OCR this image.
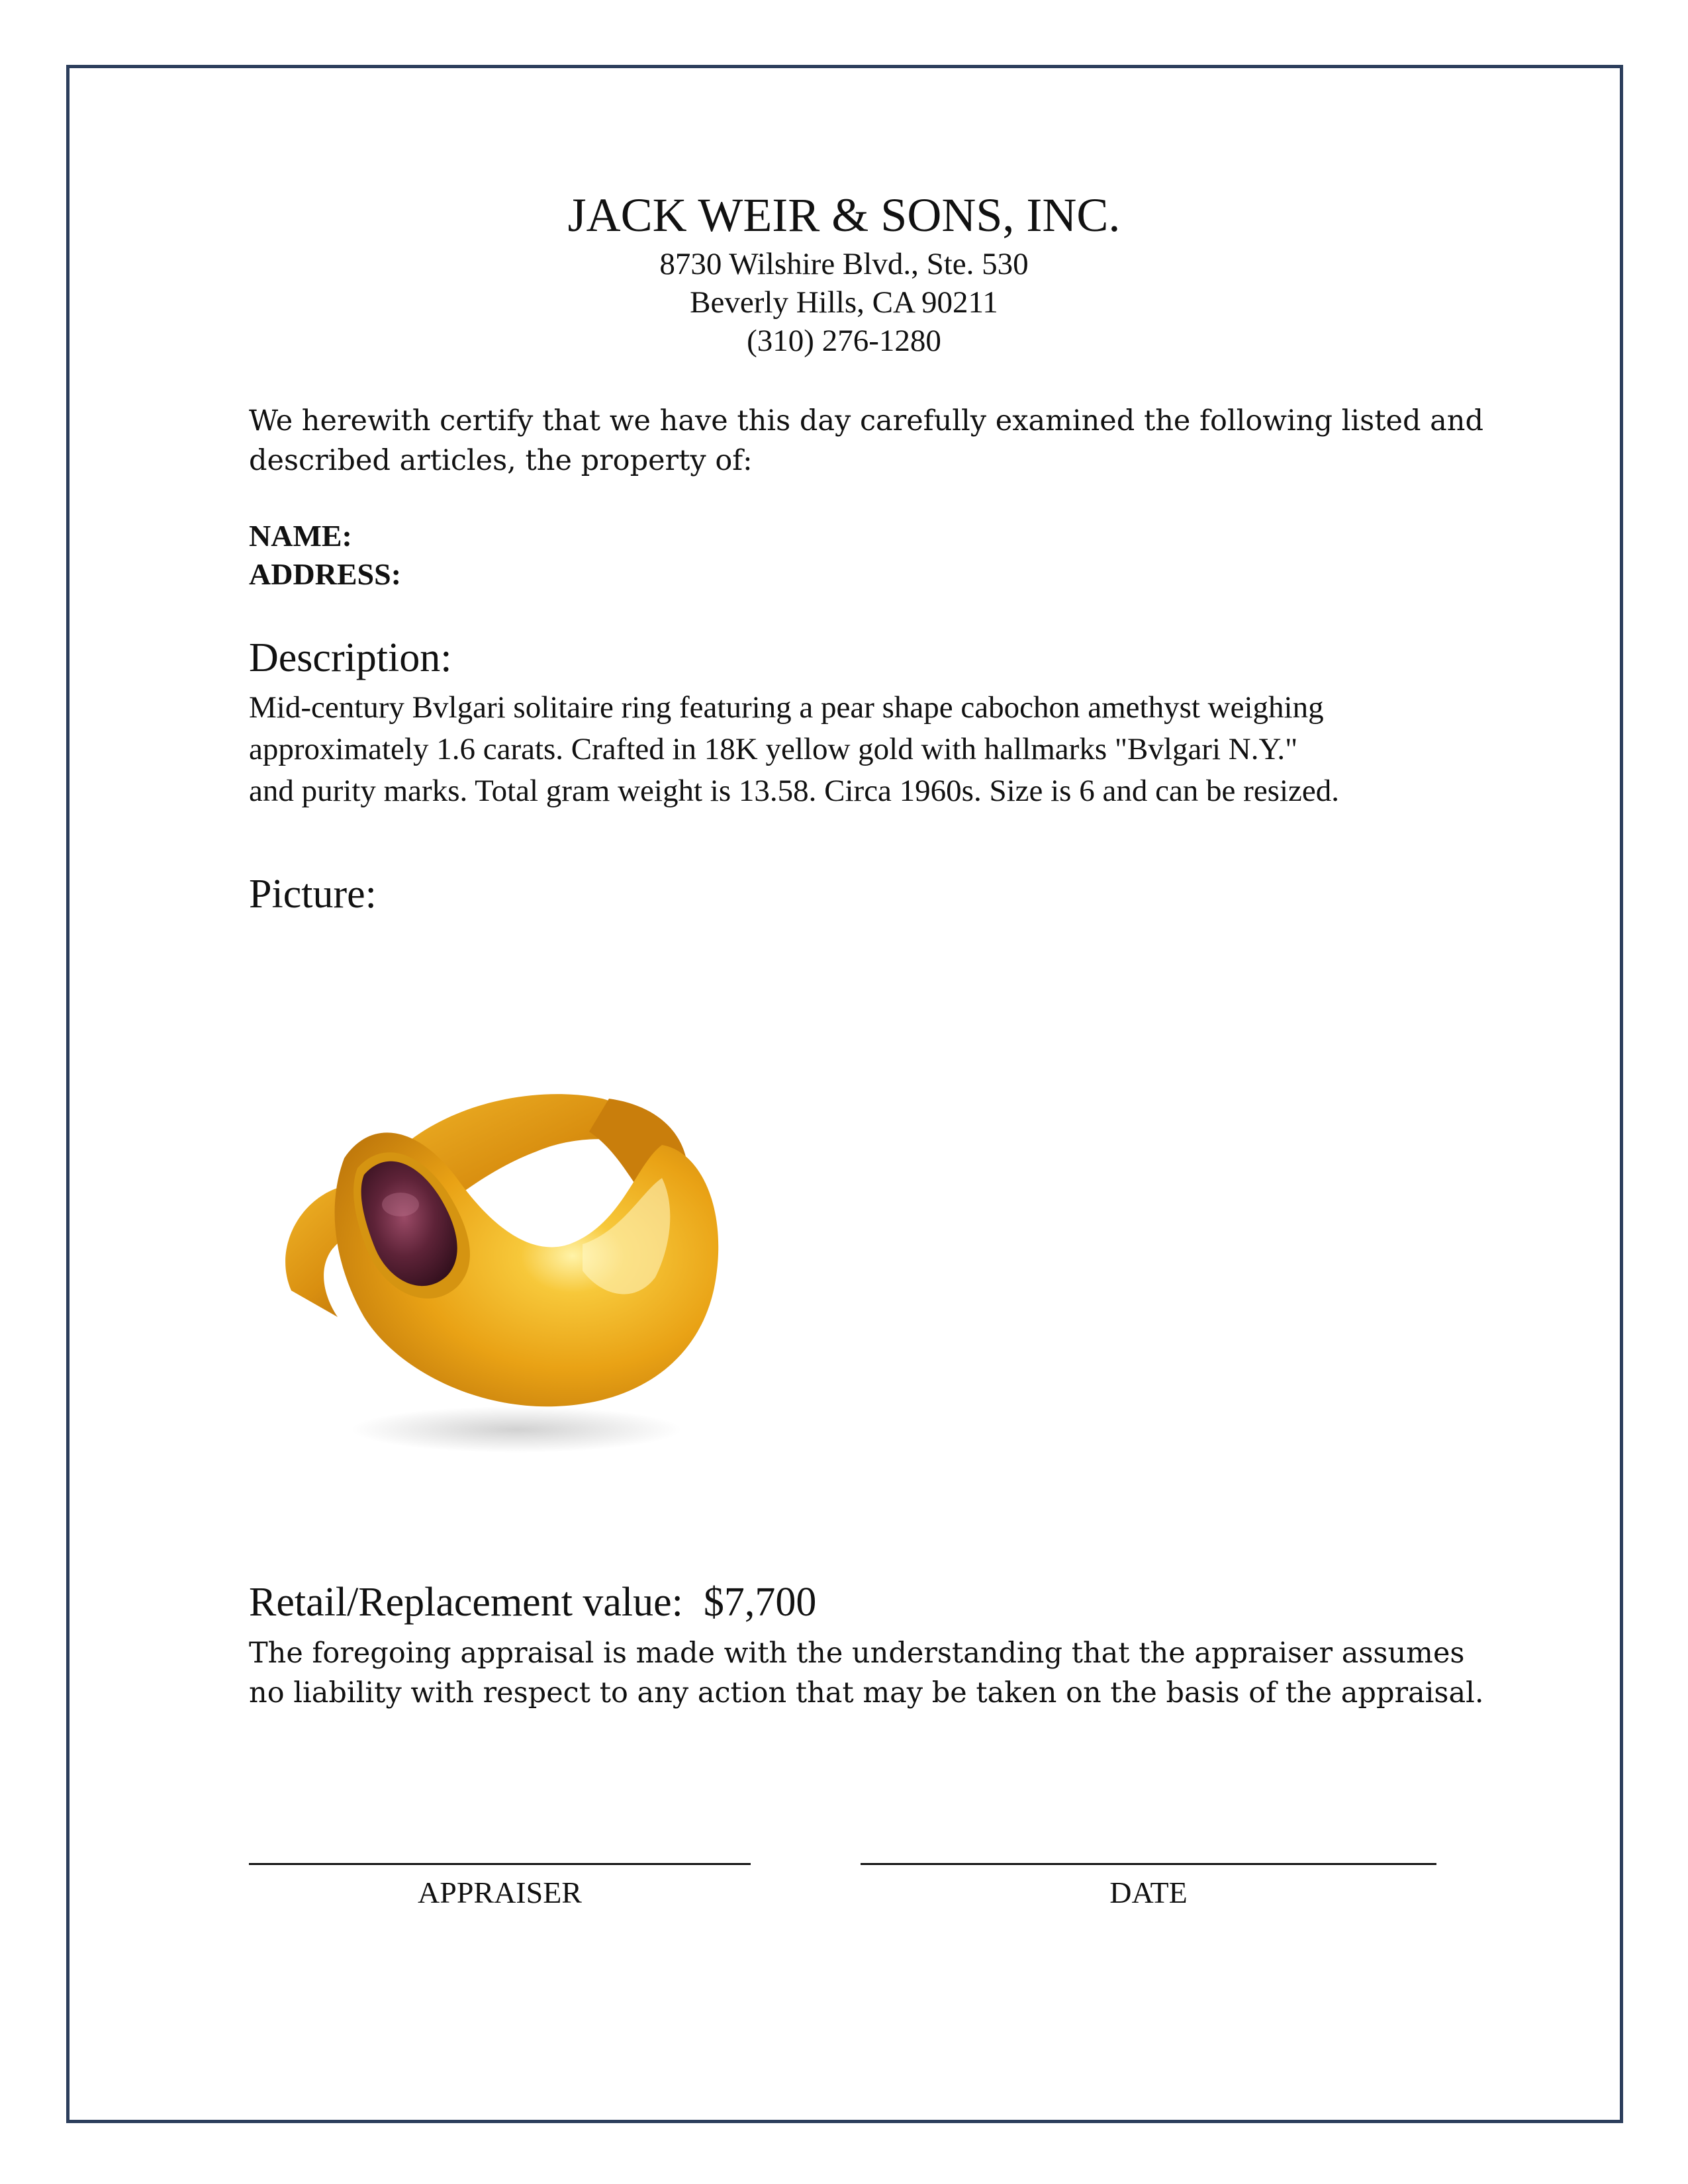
JACK WEIR & SONS, INC.
8730 Wilshire Blvd., Ste. 530
Beverly Hills, CA 90211
(310) 276-1280
We herewith certify that we have this day carefully examined the following listed and described articles, the property of:
NAME:
ADDRESS:
Description:
Mid-century Bvlgari solitaire ring featuring a pear shape cabochon amethyst weighing
approximately 1.6 carats. Crafted in 18K yellow gold with hallmarks "Bvlgari N.Y."
and purity marks. Total gram weight is 13.58. Circa 1960s. Size is 6 and can be resized.
Picture:
Retail/Replacement value: $7,700
The foregoing appraisal is made with the understanding that the appraiser assumes
no liability with respect to any action that may be taken on the basis of the appraisal.
APPRAISER	DATE
